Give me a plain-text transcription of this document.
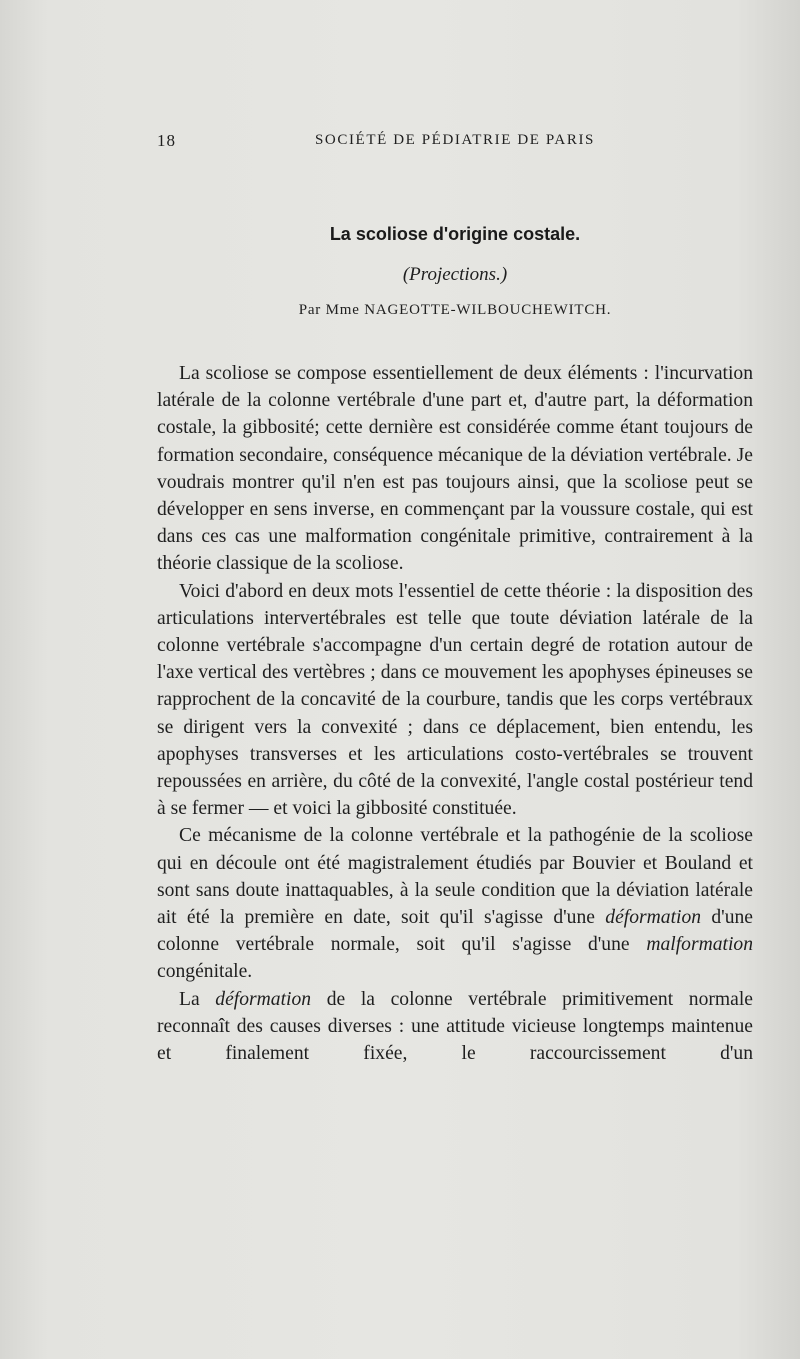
18	SOCIÉTÉ DE PÉDIATRIE DE PARIS
La scoliose d'origine costale.
(Projections.)
Par Mme NAGEOTTE-WILBOUCHEWITCH.

La scoliose se compose essentiellement de deux éléments : l'incurvation latérale de la colonne vertébrale d'une part et, d'autre part, la déformation costale, la gibbosité; cette dernière est considérée comme étant toujours de formation secondaire, conséquence mécanique de la déviation vertébrale. Je voudrais montrer qu'il n'en est pas toujours ainsi, que la scoliose peut se développer en sens inverse, en commençant par la voussure costale, qui est dans ces cas une malformation congénitale primitive, contrairement à la théorie classique de la scoliose.

Voici d'abord en deux mots l'essentiel de cette théorie : la disposition des articulations intervertébrales est telle que toute déviation latérale de la colonne vertébrale s'accompagne d'un certain degré de rotation autour de l'axe vertical des vertèbres ; dans ce mouvement les apophyses épineuses se rapprochent de la concavité de la courbure, tandis que les corps vertébraux se dirigent vers la convexité ; dans ce déplacement, bien entendu, les apophyses transverses et les articulations costo-vertébrales se trouvent repoussées en arrière, du côté de la convexité, l'angle costal postérieur tend à se fermer — et voici la gibbosité constituée.

Ce mécanisme de la colonne vertébrale et la pathogénie de la scoliose qui en découle ont été magistralement étudiés par Bouvier et Bouland et sont sans doute inattaquables, à la seule condition que la déviation latérale ait été la première en date, soit qu'il s'agisse d'une déformation d'une colonne vertébrale normale, soit qu'il s'agisse d'une malformation congénitale.

La déformation de la colonne vertébrale primitivement normale reconnaît des causes diverses : une attitude vicieuse longtemps maintenue et finalement fixée, le raccourcissement d'un
